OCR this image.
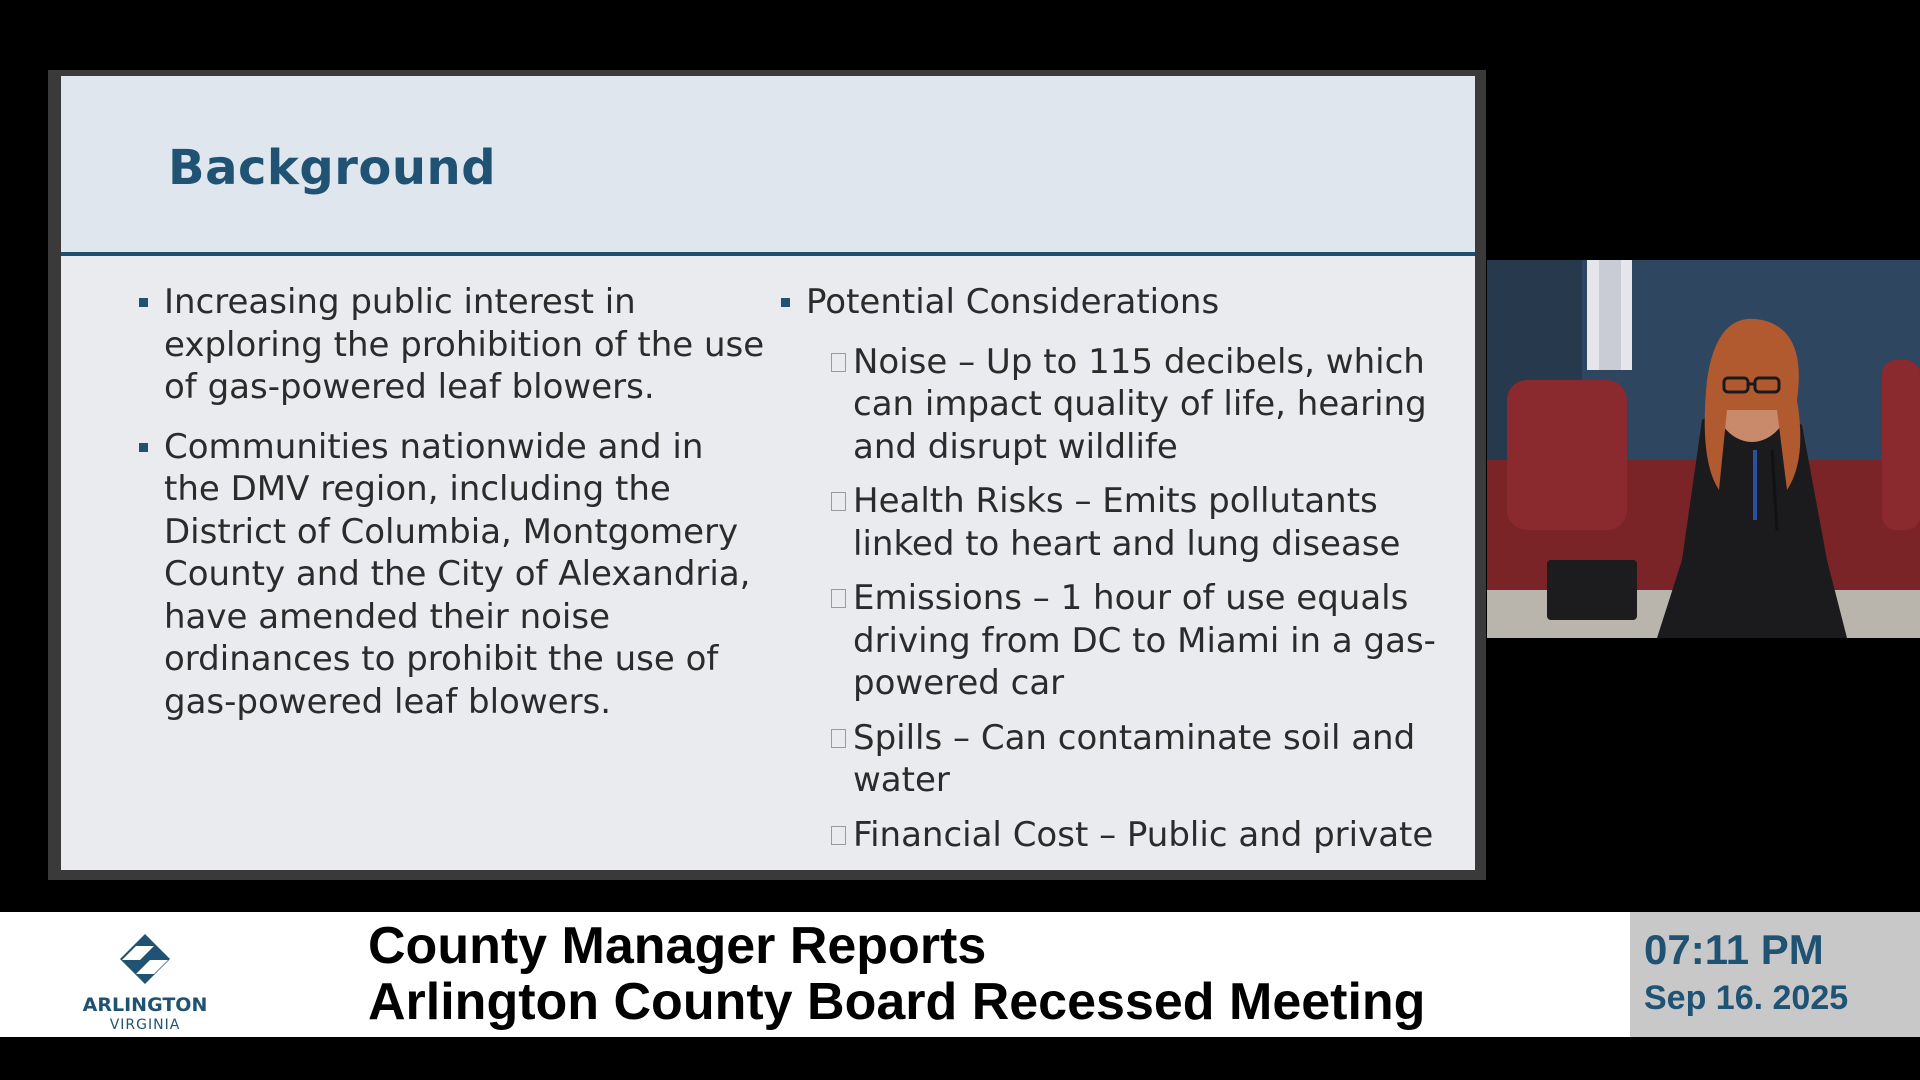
Background
Increasing public interest in exploring the prohibition of the use of gas-powered leaf blowers.
Communities nationwide and in the DMV region, including the District of Columbia, Montgomery County and the City of Alexandria, have amended their noise ordinances to prohibit the use of gas-powered leaf blowers.
Potential Considerations
Noise – Up to 115 decibels, which can impact quality of life, hearing and disrupt wildlife
Health Risks – Emits pollutants linked to heart and lung disease
Emissions – 1 hour of use equals driving from DC to Miami in a gas-powered car
Spills – Can contaminate soil and water
Financial Cost – Public and private
ARLINGTON
VIRGINIA
County Manager Reports
Arlington County Board Recessed Meeting
07:11 PM
Sep 16. 2025
